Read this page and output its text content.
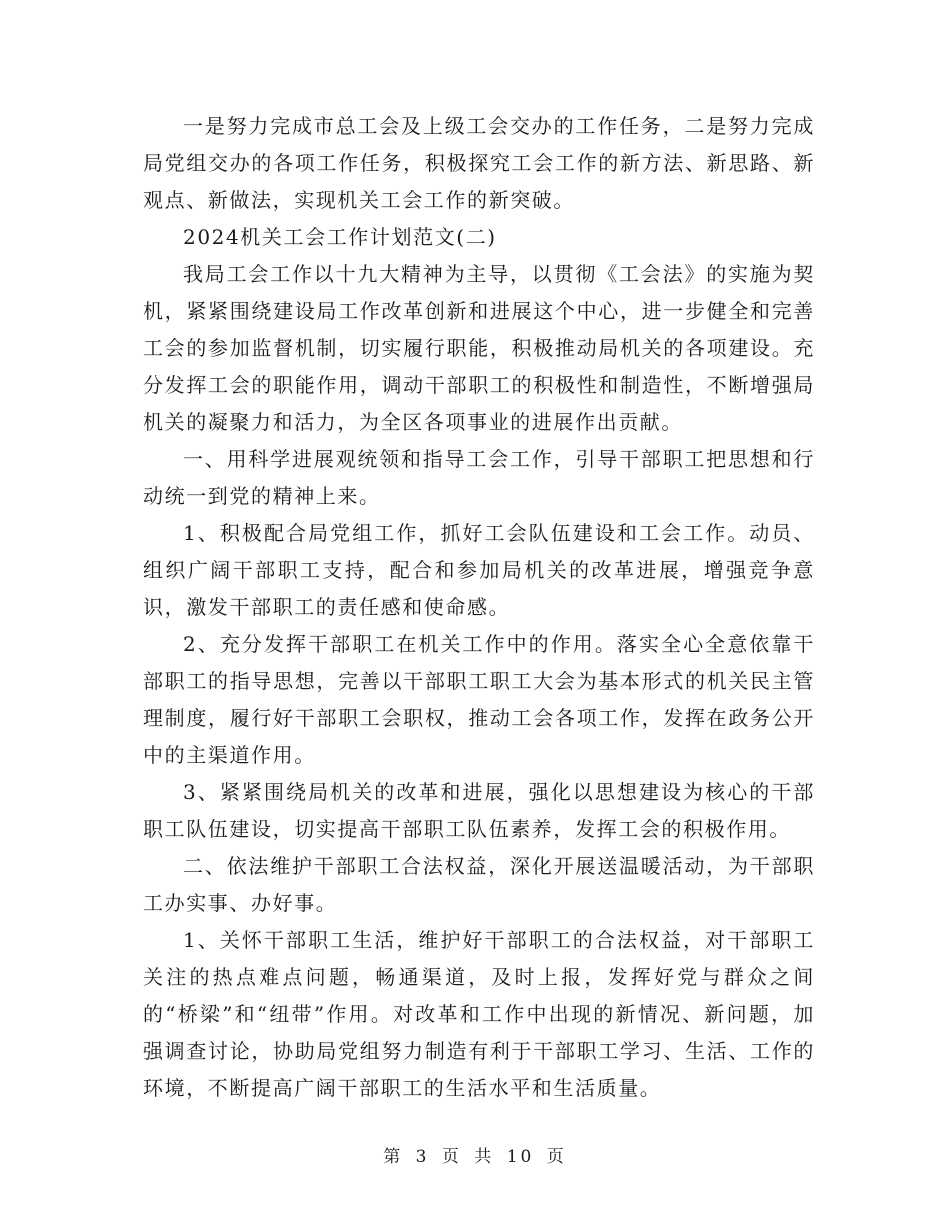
一是努力完成市总工会及上级工会交办的工作任务，二是努力完成局党组交办的各项工作任务，积极探究工会工作的新方法、新思路、新观点、新做法，实现机关工会工作的新突破。

2024机关工会工作计划范文(二)

我局工会工作以十九大精神为主导，以贯彻《工会法》的实施为契机，紧紧围绕建设局工作改革创新和进展这个中心，进一步健全和完善工会的参加监督机制，切实履行职能，积极推动局机关的各项建设。充分发挥工会的职能作用，调动干部职工的积极性和制造性，不断增强局机关的凝聚力和活力，为全区各项事业的进展作出贡献。

一、用科学进展观统领和指导工会工作，引导干部职工把思想和行动统一到党的精神上来。

1、积极配合局党组工作，抓好工会队伍建设和工会工作。动员、组织广阔干部职工支持，配合和参加局机关的改革进展，增强竞争意识，激发干部职工的责任感和使命感。

2、充分发挥干部职工在机关工作中的作用。落实全心全意依靠干部职工的指导思想，完善以干部职工职工大会为基本形式的机关民主管理制度，履行好干部职工会职权，推动工会各项工作，发挥在政务公开中的主渠道作用。

3、紧紧围绕局机关的改革和进展，强化以思想建设为核心的干部职工队伍建设，切实提高干部职工队伍素养，发挥工会的积极作用。

二、依法维护干部职工合法权益，深化开展送温暖活动，为干部职工办实事、办好事。

1、关怀干部职工生活，维护好干部职工的合法权益，对干部职工关注的热点难点问题，畅通渠道，及时上报，发挥好党与群众之间的“桥梁”和“纽带”作用。对改革和工作中出现的新情况、新问题，加强调查讨论，协助局党组努力制造有利于干部职工学习、生活、工作的环境，不断提高广阔干部职工的生活水平和生活质量。

第 3 页 共 10 页
